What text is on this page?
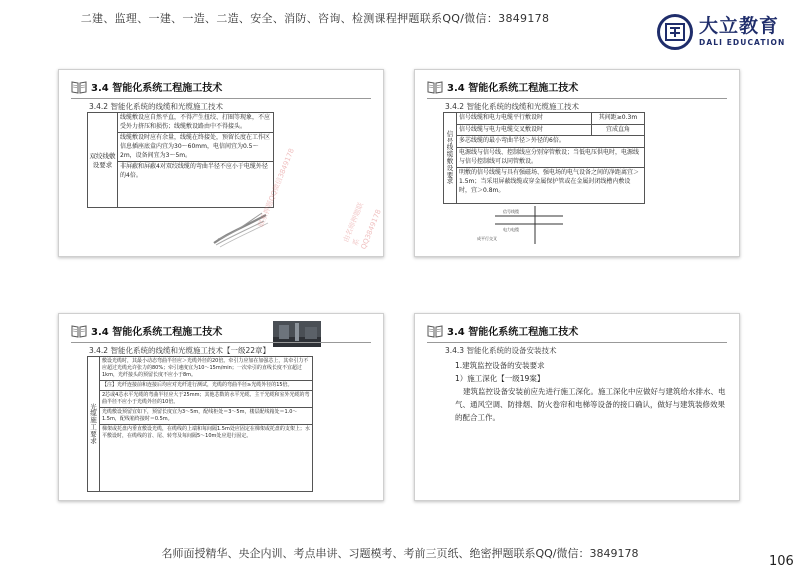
二建、监理、一建、一造、二造、安全、消防、咨询、检测课程押题联系QQ/微信：3849178	大立教育
DALI EDUCATION
3.4 智能化系统工程施工技术
3.4.2 智能化系统的线缆和光缆施工技术
双绞线敷设要求
线缆敷设应自然平直，不得产生扭绞、打圈等现象，不应受外力挤压和损伤；线缆敷设路由中不得接头。
线缆敷设时应有余量，线缆在终接处，预留长度在工作区信息插座底盒内宜为30～60mm，电信间宜为0.5～2m，设备间宜为3～5m。
非屏蔽和屏蔽4对双绞线缆的弯曲半径不应小于电缆外径的4倍。
由名师押题联系QQ3849178
3.4 智能化系统工程施工技术
3.4.2 智能化系统的线缆和光缆施工技术
信号线缆敷设要求
信号线缆和电力电缆平行敷设时	其间距≥0.3m
信号线缆与电力电缆交叉敷设时	宜成直角
多芯线缆的最小弯曲半径＞外径的6倍。
电源线与信号线、控制线应分别穿管敷设；当低电压供电时，电源线与信号控制线可以同管敷设。
明敷的信号线缆与具有强磁场、强电场的电气设备之间的净距离宜＞1.5m；当采用屏蔽线缆或穿金属保护管或在金属封闭线槽内敷设时，宜＞0.8m。
信号线缆
电力电缆
成平行交叉
3.4 智能化系统工程施工技术
3.4.2 智能化系统的线缆和光缆施工技术【一级22章】
光缆施工要求
敷设光缆时，其最小动态弯曲半径应＞光缆外径的20倍。牵引力应加在加强芯上，其牵引力不应超过光缆允许张力的80%；牵引速度宜为10～15m/min；一次牵引的直线长度不宜超过1km，光纤接头的预留长度不应小于8m。
【注】光纤连接前和连接后均应对光纤进行测试，光缆的弯曲半径≥光缆外径的15倍。
2芯或4芯水平光缆的弯曲半径应大于25mm；其他芯数的水平光缆、主干光缆和室外光缆的弯曲半径不应小于光缆外径的10倍。
光缆敷设预留宜如下，预留长度宜为3～5m，配线柜处＝3～5m，楼层配线箱处＝1.0～1.5m，配线箱终接时＝0.5m。
梯架或托盘内垂直敷设光缆，在缆线的上端和每间隔1.5m处应固定在梯架或托盘的支架上；水平敷设时，在缆线的首、尾、转弯及每间隔5～10m处应进行固定。
3.4 智能化系统工程施工技术
3.4.3 智能化系统的设备安装技术
1.建筑监控设备的安装要求
1）施工深化【一级19案】
建筑监控设备安装前应先进行施工深化。施工深化中应做好与建筑给水排水、电气、通风空调、防排烟、防火卷帘和电梯等设备的接口确认，做好与建筑装修效果的配合工作。
联系押题QQ微信3849178
名师面授精华、央企内训、考点串讲、习题模考、考前三页纸、绝密押题联系QQ/微信：3849178
106
